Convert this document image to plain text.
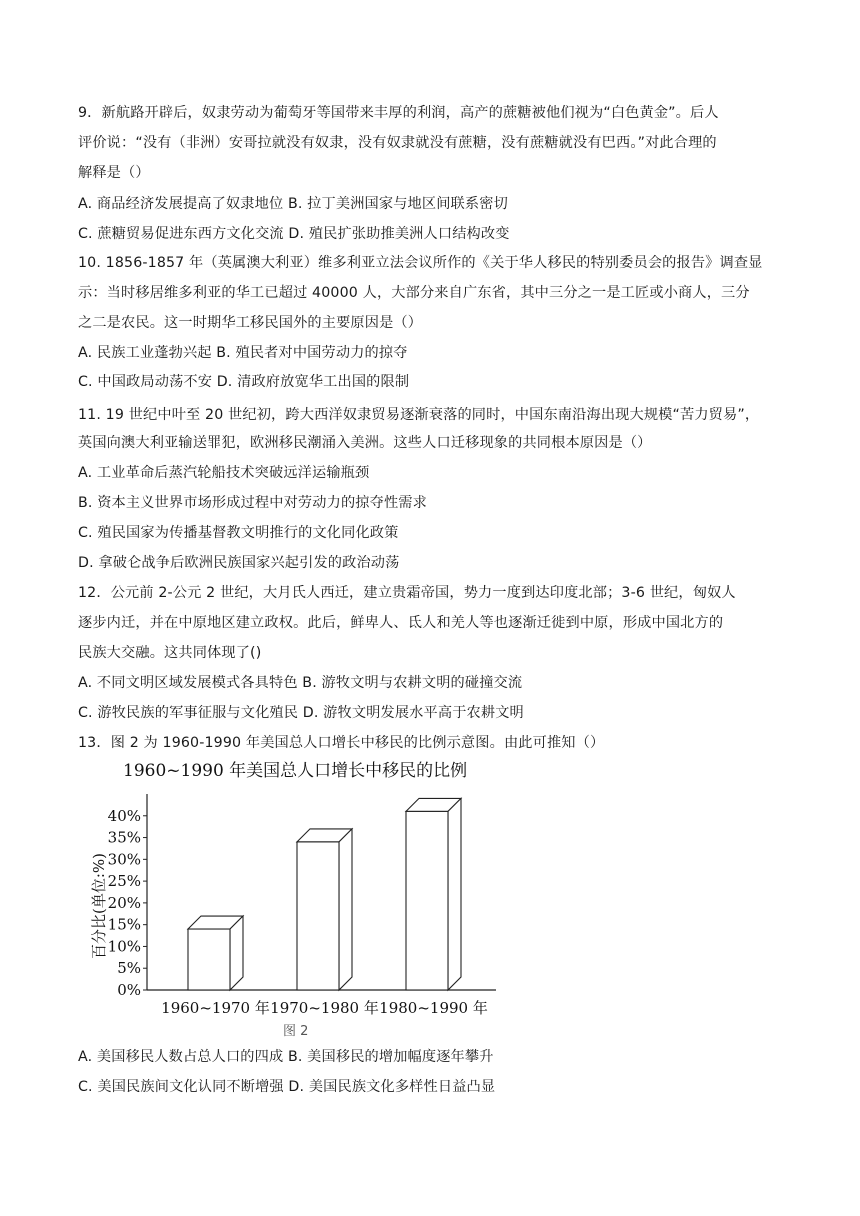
9．新航路开辟后，奴隶劳动为葡萄牙等国带来丰厚的利润，高产的蔗糖被他们视为“白色黄金”。后人
评价说：“没有（非洲）安哥拉就没有奴隶，没有奴隶就没有蔗糖，没有蔗糖就没有巴西。”对此合理的
解释是（）
A. 商品经济发展提高了奴隶地位 B. 拉丁美洲国家与地区间联系密切
C. 蔗糖贸易促进东西方文化交流 D. 殖民扩张助推美洲人口结构改变
10. 1856-1857 年（英属澳大利亚）维多利亚立法会议所作的《关于华人移民的特别委员会的报告》调查显
示：当时移居维多利亚的华工已超过 40000 人，大部分来自广东省，其中三分之一是工匠或小商人，三分
之二是农民。这一时期华工移民国外的主要原因是（）
A. 民族工业蓬勃兴起 B. 殖民者对中国劳动力的掠夺
C. 中国政局动荡不安 D. 清政府放宽华工出国的限制
11. 19 世纪中叶至 20 世纪初，跨大西洋奴隶贸易逐渐衰落的同时，中国东南沿海出现大规模“苦力贸易”，
英国向澳大利亚输送罪犯，欧洲移民潮涌入美洲。这些人口迁移现象的共同根本原因是（）
A. 工业革命后蒸汽轮船技术突破远洋运输瓶颈
B. 资本主义世界市场形成过程中对劳动力的掠夺性需求
C. 殖民国家为传播基督教文明推行的文化同化政策
D. 拿破仑战争后欧洲民族国家兴起引发的政治动荡
12．公元前 2-公元 2 世纪，大月氏人西迁，建立贵霜帝国，势力一度到达印度北部；3-6 世纪，匈奴人
逐步内迁，并在中原地区建立政权。此后，鲜卑人、氐人和羌人等也逐渐迁徙到中原，形成中国北方的
民族大交融。这共同体现了()
A. 不同文明区域发展模式各具特色 B. 游牧文明与农耕文明的碰撞交流
C. 游牧民族的军事征服与文化殖民 D. 游牧文明发展水平高于农耕文明
13．图 2 为 1960-1990 年美国总人口增长中移民的比例示意图。由此可推知（）
1960~1990 年美国总人口增长中移民的比例
百分比(单位:%)
0%
5%
10%
15%
20%
25%
30%
35%
40%
1960~1970 年 1970~1980 年 1980~1990 年
图 2
A. 美国移民人数占总人口的四成 B. 美国移民的增加幅度逐年攀升
C. 美国民族间文化认同不断增强 D. 美国民族文化多样性日益凸显
